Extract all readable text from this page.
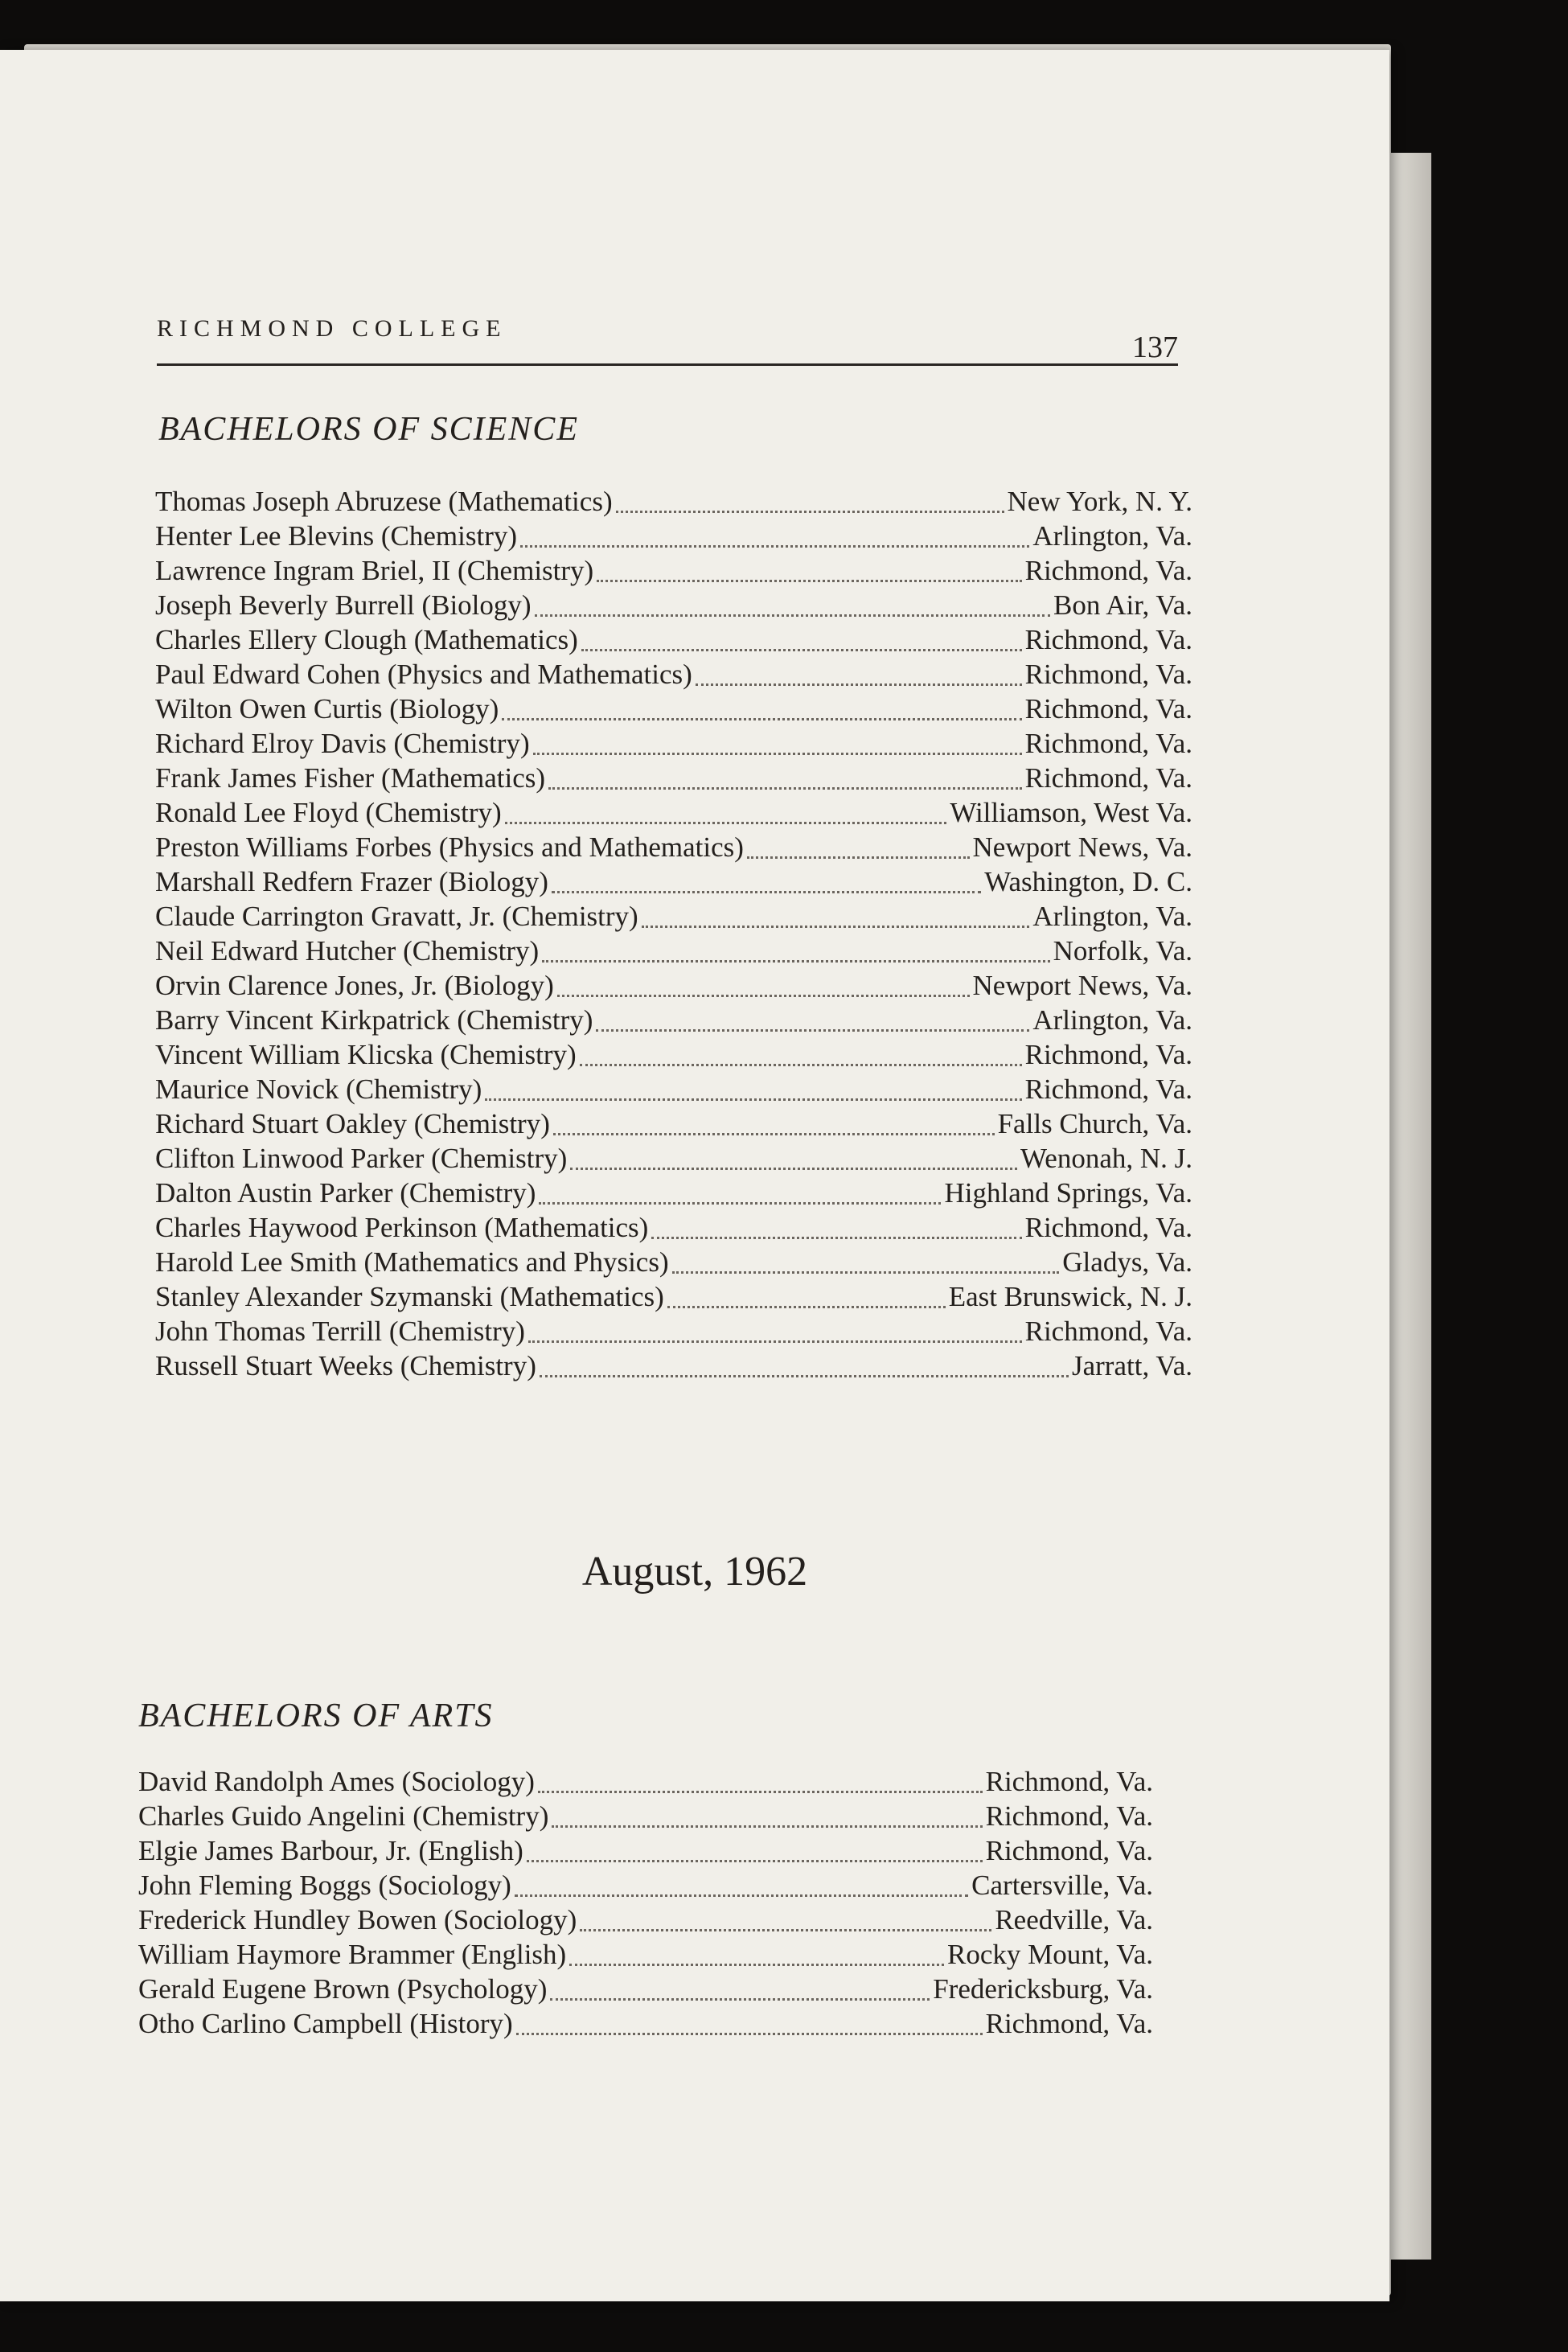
RICHMOND COLLEGE
137
BACHELORS OF SCIENCE
Thomas Joseph Abruzese (Mathematics)	New York, N. Y.
Henter Lee Blevins (Chemistry)	Arlington, Va.
Lawrence Ingram Briel, II (Chemistry)	Richmond, Va.
Joseph Beverly Burrell (Biology)	Bon Air, Va.
Charles Ellery Clough (Mathematics)	Richmond, Va.
Paul Edward Cohen (Physics and Mathematics)	Richmond, Va.
Wilton Owen Curtis (Biology)	Richmond, Va.
Richard Elroy Davis (Chemistry)	Richmond, Va.
Frank James Fisher (Mathematics)	Richmond, Va.
Ronald Lee Floyd (Chemistry)	Williamson, West Va.
Preston Williams Forbes (Physics and Mathematics)	Newport News, Va.
Marshall Redfern Frazer (Biology)	Washington, D. C.
Claude Carrington Gravatt, Jr. (Chemistry)	Arlington, Va.
Neil Edward Hutcher (Chemistry)	Norfolk, Va.
Orvin Clarence Jones, Jr. (Biology)	Newport News, Va.
Barry Vincent Kirkpatrick (Chemistry)	Arlington, Va.
Vincent William Klicska (Chemistry)	Richmond, Va.
Maurice Novick (Chemistry)	Richmond, Va.
Richard Stuart Oakley (Chemistry)	Falls Church, Va.
Clifton Linwood Parker (Chemistry)	Wenonah, N. J.
Dalton Austin Parker (Chemistry)	Highland Springs, Va.
Charles Haywood Perkinson (Mathematics)	Richmond, Va.
Harold Lee Smith (Mathematics and Physics)	Gladys, Va.
Stanley Alexander Szymanski (Mathematics)	East Brunswick, N. J.
John Thomas Terrill (Chemistry)	Richmond, Va.
Russell Stuart Weeks (Chemistry)	Jarratt, Va.
August, 1962
BACHELORS OF ARTS
David Randolph Ames (Sociology)	Richmond, Va.
Charles Guido Angelini (Chemistry)	Richmond, Va.
Elgie James Barbour, Jr. (English)	Richmond, Va.
John Fleming Boggs (Sociology)	Cartersville, Va.
Frederick Hundley Bowen (Sociology)	Reedville, Va.
William Haymore Brammer (English)	Rocky Mount, Va.
Gerald Eugene Brown (Psychology)	Fredericksburg, Va.
Otho Carlino Campbell (History)	Richmond, Va.
